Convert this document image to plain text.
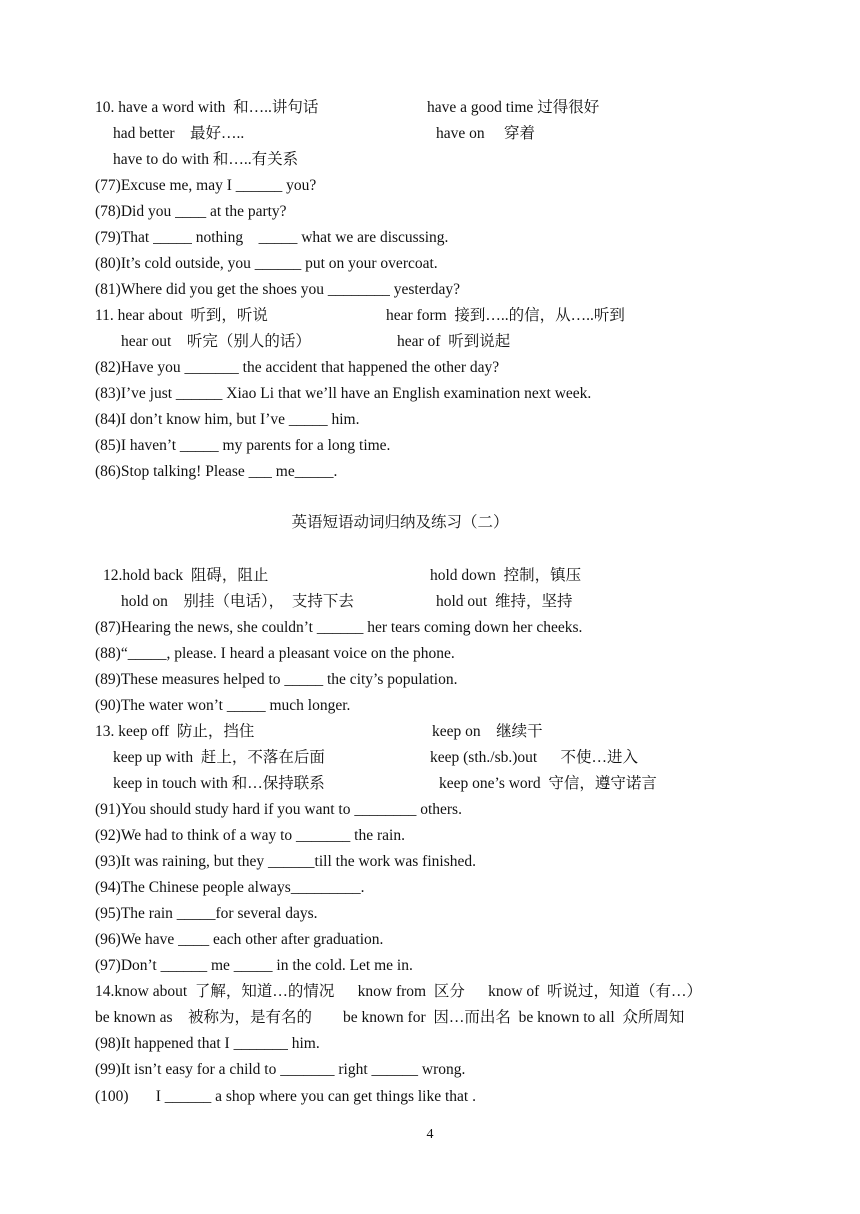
10. have a word with  和…..讲句话	have a good time 过得很好
had better    最好…..	have on     穿着
have to do with 和…..有关系
(77)Excuse me, may I ______ you?
(78)Did you ____ at the party?
(79)That _____ nothing    _____ what we are discussing.
(80)It’s cold outside, you ______ put on your overcoat.
(81)Where did you get the shoes you ________ yesterday?
11. hear about  听到，听说	hear form  接到…..的信，从…..听到
hear out    听完（别人的话）	hear of  听到说起
(82)Have you _______ the accident that happened the other day?
(83)I’ve just ______ Xiao Li that we’ll have an English examination next week.
(84)I don’t know him, but I’ve _____ him.
(85)I haven’t _____ my parents for a long time.
(86)Stop talking! Please ___ me_____.
英语短语动词归纳及练习（二）
12.hold back  阻碍，阻止	hold down  控制，镇压
hold on    别挂（电话），  支持下去	hold out  维持，坚持
(87)Hearing the news, she couldn’t ______ her tears coming down her cheeks.
(88)“_____, please. I heard a pleasant voice on the phone.
(89)These measures helped to _____ the city’s population.
(90)The water won’t _____ much longer.
13. keep off  防止，挡住	keep on    继续干
keep up with  赶上，不落在后面	keep (sth./sb.)out      不使…进入
keep in touch with 和…保持联系	keep one’s word  守信，遵守诺言
(91)You should study hard if you want to ________ others.
(92)We had to think of a way to _______ the rain.
(93)It was raining, but they ______till the work was finished.
(94)The Chinese people always_________.
(95)The rain _____for several days.
(96)We have ____ each other after graduation.
(97)Don’t ______ me _____ in the cold. Let me in.
14.know about  了解，知道…的情况      know from  区分      know of  听说过，知道（有…）
be known as    被称为，是有名的        be known for  因…而出名  be known to all  众所周知
(98)It happened that I _______ him.
(99)It isn’t easy for a child to _______ right ______ wrong.
(100)       I ______ a shop where you can get things like that .
4
